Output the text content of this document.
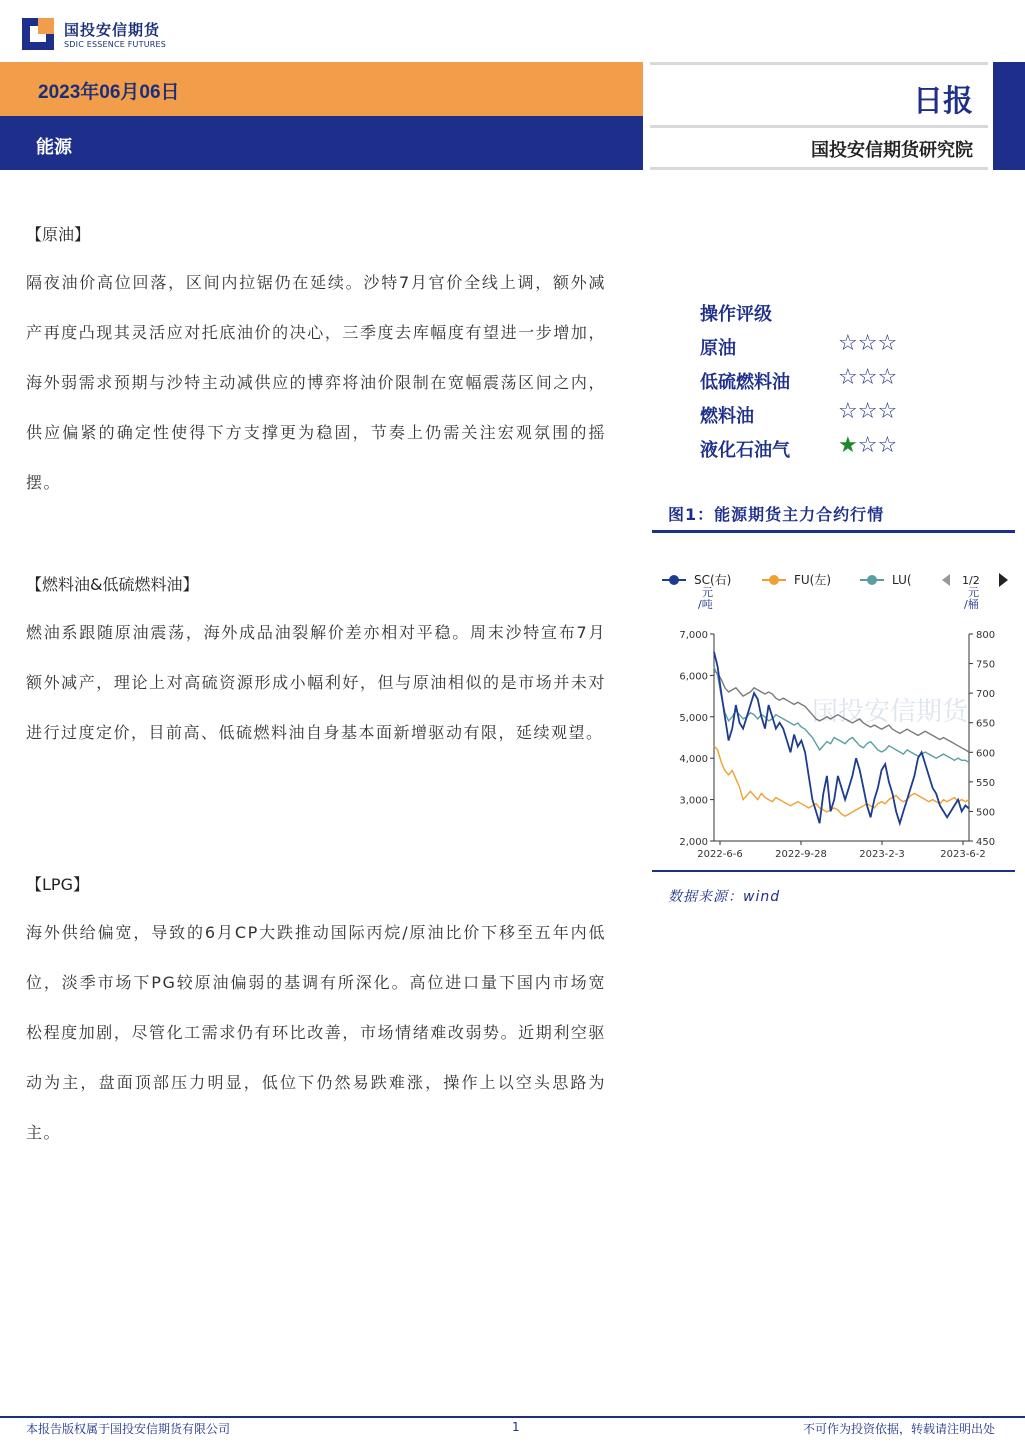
国投安信期货
SDIC ESSENCE FUTURES
2023年06月06日
能源
日报
国投安信期货研究院
【原油】
隔夜油价高位回落，区间内拉锯仍在延续。沙特7月官价全线上调，额外减产再度凸现其灵活应对托底油价的决心，三季度去库幅度有望进一步增加，海外弱需求预期与沙特主动减供应的博弈将油价限制在宽幅震荡区间之内，供应偏紧的确定性使得下方支撑更为稳固，节奏上仍需关注宏观氛围的摇摆。
【燃料油&低硫燃料油】
燃油系跟随原油震荡，海外成品油裂解价差亦相对平稳。周末沙特宣布7月额外减产，理论上对高硫资源形成小幅利好，但与原油相似的是市场并未对进行过度定价，目前高、低硫燃料油自身基本面新增驱动有限，延续观望。
【LPG】
海外供给偏宽，导致的6月CP大跌推动国际丙烷/原油比价下移至五年内低位，淡季市场下PG较原油偏弱的基调有所深化。高位进口量下国内市场宽松程度加剧，尽管化工需求仍有环比改善，市场情绪难改弱势。近期利空驱动为主，盘面顶部压力明显，低位下仍然易跌难涨，操作上以空头思路为主。
操作评级
原油	☆☆☆
低硫燃料油 ☆☆☆
燃料油	☆☆☆
液化石油气 ★☆☆
图1：能源期货主力合约行情
国投安信期货
SC(右)	FU(左)	LU(	1/2
7,000
6,000
5,000
4,000
3,000
2,000
800
750
700
650
600
550
500
450
元
/吨
元
/桶
2022-6-6	2022-9-28	2023-2-3	2023-6-2
数据来源：wind
本报告版权属于国投安信期货有限公司	1	不可作为投资依据，转载请注明出处
